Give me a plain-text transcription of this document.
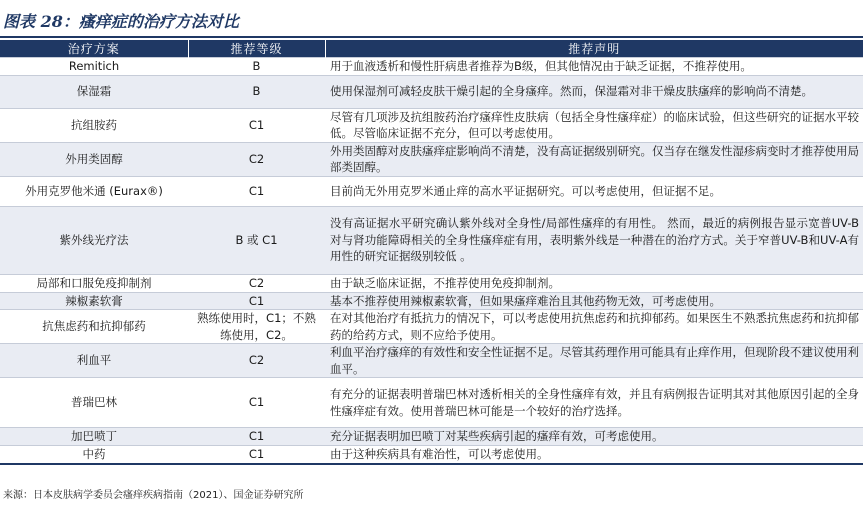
图表 28：瘙痒症的治疗方法对比
治疗方案	推荐等级	推荐声明
Remitich	B	用于血液透析和慢性肝病患者推荐为B级，但其他情况由于缺乏证据，不推荐使用。
保湿霜	B	使用保湿剂可减轻皮肤干燥引起的全身瘙痒。然而，保湿霜对非干燥皮肤瘙痒的影响尚不清楚。
抗组胺药	C1	尽管有几项涉及抗组胺药治疗瘙痒性皮肤病（包括全身性瘙痒症）的临床试验，但这些研究的证据水平较低。尽管临床证据不充分，但可以考虑使用。
外用类固醇	C2	外用类固醇对皮肤瘙痒症影响尚不清楚，没有高证据级别研究。仅当存在继发性湿疹病变时才推荐使用局部类固醇。
外用克罗他米通 (Eurax®)	C1	目前尚无外用克罗米通止痒的高水平证据研究。可以考虑使用，但证据不足。
紫外线光疗法	B 或 C1	没有高证据水平研究确认紫外线对全身性/局部性瘙痒的有用性。 然而，最近的病例报告显示宽普UV-B对与肾功能障碍相关的全身性瘙痒症有用，表明紫外线是一种潜在的治疗方式。关于窄普UV-B和UV-A有用性的研究证据级别较低 。
局部和口服免疫抑制剂	C2	由于缺乏临床证据，不推荐使用免疫抑制剂。
辣椒素软膏	C1	基本不推荐使用辣椒素软膏，但如果瘙痒难治且其他药物无效，可考虑使用。
抗焦虑药和抗抑郁药	熟练使用时，C1；不熟练使用，C2。	在对其他治疗有抵抗力的情况下，可以考虑使用抗焦虑药和抗抑郁药。如果医生不熟悉抗焦虑药和抗抑郁药的给药方式，则不应给予使用。
利血平	C2	利血平治疗瘙痒的有效性和安全性证据不足。尽管其药理作用可能具有止痒作用，但现阶段不建议使用利血平。
普瑞巴林	C1	有充分的证据表明普瑞巴林对透析相关的全身性瘙痒有效，并且有病例报告证明其对其他原因引起的全身性瘙痒症有效。使用普瑞巴林可能是一个较好的治疗选择。
加巴喷丁	C1	充分证据表明加巴喷丁对某些疾病引起的瘙痒有效，可考虑使用。
中药	C1	由于这种疾病具有难治性，可以考虑使用。
来源：日本皮肤病学委员会瘙痒疾病指南（2021）、国金证券研究所
